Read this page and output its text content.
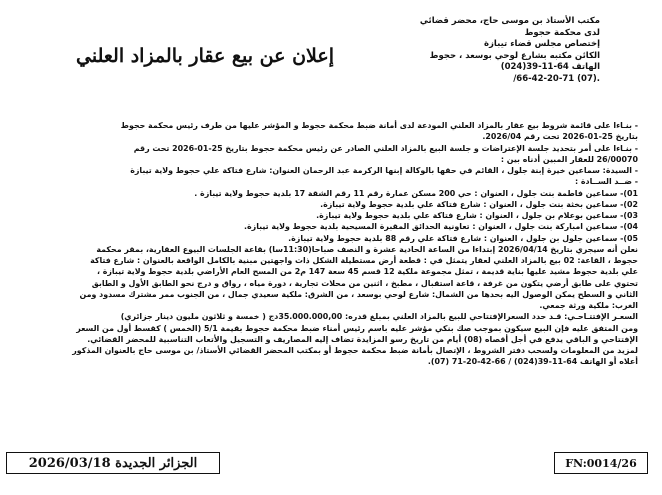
مكتب الأستاذ بن موسى حاج، محضر قضائي
لدى محكمة حجوط
إختصاص مجلس قضاء تيبازة
الكائن مكتبه بشارع لوحي بوسعد ، حجوط
الهاتف 64-11-39(024)
/66-42-20-71 (07).
إعلان عن بيع عقار بالمزاد العلني
- بنـاءا على قائمة شروط بيع عقار بالمزاد العلني المودعة لدى أمانة ضبط محكمة حجوط و المؤشر عليها من طرف رئيس محكمة حجوط
بتاريخ 25-01-2026 تحت رقم 2026/04.
- بنـاءا على أمر بتحديد جلسة الإعتراضات و جلسة البيع بالمزاد العلني الصادر عن رئيس محكمة حجوط بتاريخ 25-01-2026 تحت رقم
26/00070 للعقار المبين أدناه بين :
- السيدة: سماعين خيرة إبنة جلول ، القائم في حقها بالوكالة إبنها الركرمة عبد الرحمان العنوان: شارع فتاكة علي حجوط ولاية تيبازة
- ضــد الســادة :
01)- سماعين فاطمة بنت جلول ، العنوان : حي 200 مسكن عمارة رقم 11 رقم الشقة 17 بلدية حجوط ولاية تيبازة .
02)- سماعين بخثة بنت جلول ، العنوان : شارع فتاكة علي بلدية حجوط ولاية تيبازة.
03)- سماعين بوعلام بن جلول ، العنوان : شارع فتاكة علي بلدية حجوط ولاية تيبازة.
04)- سماعين امباركة بنت جلول ، العنوان : تعاونية الحدائق المقبرة المسيحية بلدية حجوط ولاية تيبازة.
05)- سماعين جلول بن جلول ، العنوان : شارع فتاكة علي رقم 88 بلدية حجوط ولاية تيبازة.
نعلن أنه سيجري بتاريخ 2026/04/14 إبتداءا من الساعة الحادية عشرة و النصف صباحا(11:30سا) بقاعة الجلسات البيوع العقارية، بمقر محكمة
حجوط ، القاعة: 02 بيع بالمزاد العلني لعقار يتمثل في : قطعة أرض مستطيلة الشكل ذات واجهتين مبنية بالكامل الواقعة بالعنوان : شارع فتاكة
علي بلدية حجوط مشيد عليها بناية قديمة ، تمثل مجموعة ملكية 12 قسم 45 سعة 147 م2 من المسح العام الأراضي بلدية حجوط ولاية تيبازة ،
تحتوي على طابق أرضي يتكون من غرفة ، قاعة استقبال ، مطبخ ، اثنين من محلات تجارية ، دورة مياه ، رواق و درج نحو الطابق الأول و الطابق
الثاني و السطح يمكن الوصول اليه بحدها من الشمال: شارع لوحي بوسعد ، من الشرق: ملكية سعيدي جمال ، من الجنوب ممر مشترك مسدود ومن
الغرب: ملكية ورثة جمعي.
السعـر الإفتتـاحـي: قـد حدد السعرالإفتتاحي للبيع بالمزاد العلني بمبلغ قدره: 35.000.000,00دج ( خمسة و ثلاثون مليون دينار جزائري)
ومن المتفق عليه فإن البيع سيكون بموجب صك بنكي مؤشر عليه باسم رئيس أمناء ضبط محكمة حجوط بقيمة 5/1 (الخمس ) كقسط أول من السعر
الإفتتاحي و الباقي يدفع في أجل أقصاه (08) أيام من تاريخ رسو المزايدة تضاف إليه المصاريف و التسجيل والأتعاب التناسبية للمحضر القضائي.
لمزيد من المعلومات ولسحب دفتر الشروط ، الإتصال بأمانة ضبط محكمة حجوط أو بمكتب المحضر القضائي الأستاذ/ بن موسى حاج بالعنوان المذكور
أعلاه أو الهاتف 64-11-39(024) / 66-42-20-71 (07).
الجزائر الجديدة 2026/03/18	FN:0014/26
